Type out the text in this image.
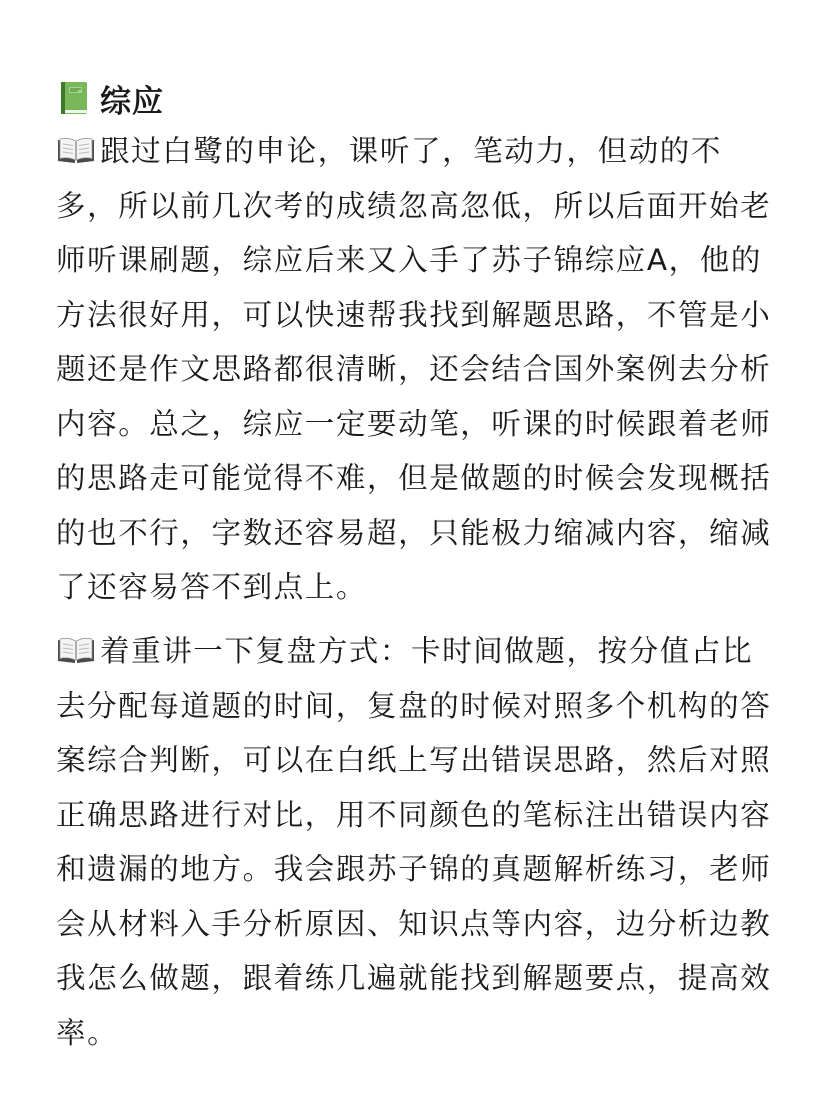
综应
跟过白鹭的申论，课听了，笔动力，但动的不多，所以前几次考的成绩忽高忽低，所以后面开始老师听课刷题，综应后来又入手了苏子锦综应A，他的方法很好用，可以快速帮我找到解题思路，不管是小题还是作文思路都很清晰，还会结合国外案例去分析内容。总之，综应一定要动笔，听课的时候跟着老师的思路走可能觉得不难，但是做题的时候会发现概括的也不行，字数还容易超，只能极力缩减内容，缩减了还容易答不到点上。
着重讲一下复盘方式：卡时间做题，按分值占比去分配每道题的时间，复盘的时候对照多个机构的答案综合判断，可以在白纸上写出错误思路，然后对照正确思路进行对比，用不同颜色的笔标注出错误内容和遗漏的地方。我会跟苏子锦的真题解析练习，老师会从材料入手分析原因、知识点等内容，边分析边教我怎么做题，跟着练几遍就能找到解题要点，提高效率。
